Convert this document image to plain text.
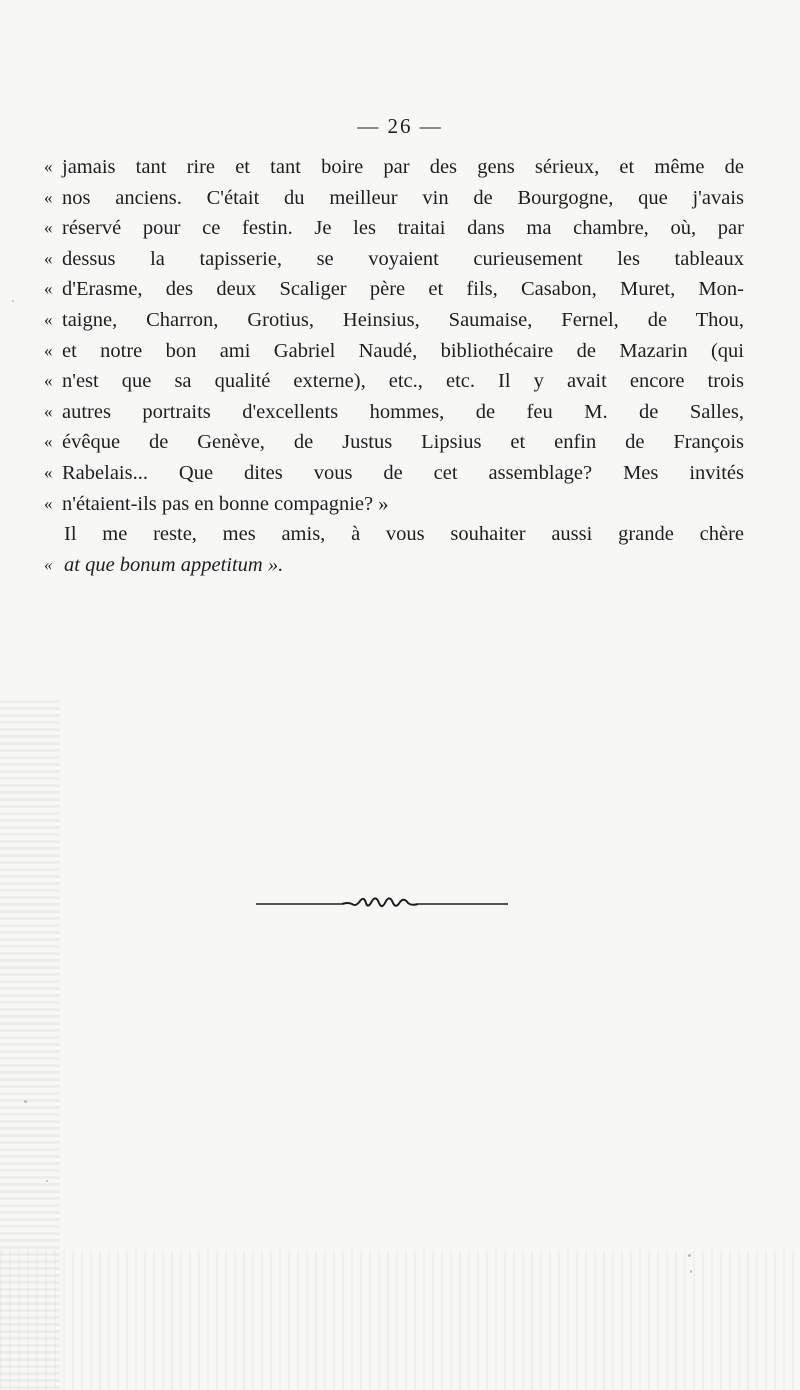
— 26 —
« jamais tant rire et tant boire par des gens sérieux, et même de
« nos anciens. C'était du meilleur vin de Bourgogne, que j'avais
« réservé pour ce festin. Je les traitai dans ma chambre, où, par
« dessus la tapisserie, se voyaient curieusement les tableaux
« d'Erasme, des deux Scaliger père et fils, Casabon, Muret, Mon-
« taigne, Charron, Grotius, Heinsius, Saumaise, Fernel, de Thou,
« et notre bon ami Gabriel Naudé, bibliothécaire de Mazarin (qui
« n'est que sa qualité externe), etc., etc. Il y avait encore trois
« autres portraits d'excellents hommes, de feu M. de Salles,
« évêque de Genève, de Justus Lipsius et enfin de François
« Rabelais... Que dites vous de cet assemblage? Mes invités
« n'étaient-ils pas en bonne compagnie? »
Il me reste, mes amis, à vous souhaiter aussi grande chère
« at que bonum appetitum ».
